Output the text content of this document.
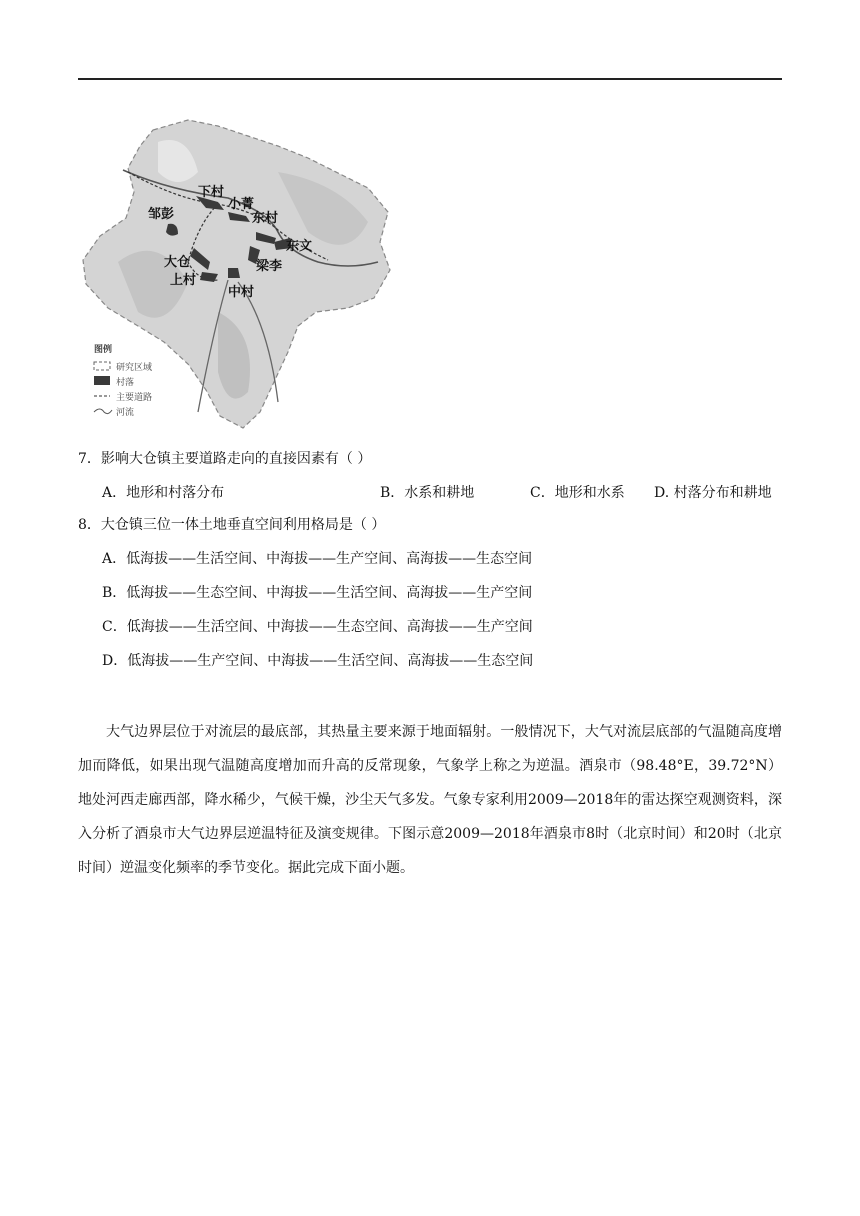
下村
小菁
东村
邹彭
东文
大仓	梁李
上村
中村
图例
研究区域
村落
主要道路
河流
7．影响大仓镇主要道路走向的直接因素有（ ）
A．地形和村落分布	B．水系和耕地	C．地形和水系 D. 村落分布和耕地
8．大仓镇三位一体土地垂直空间利用格局是（ ）
A．低海拔——生活空间、中海拔——生产空间、高海拔——生态空间
B．低海拔——生态空间、中海拔——生活空间、高海拔——生产空间
C．低海拔——生活空间、中海拔——生态空间、高海拔——生产空间
D．低海拔——生产空间、中海拔——生活空间、高海拔——生态空间
大气边界层位于对流层的最底部，其热量主要来源于地面辐射。一般情况下，大气对流层底部的气温随高度增加而降低，如果出现气温随高度增加而升高的反常现象，气象学上称之为逆温。酒泉市（98.48°E，39.72°N）地处河西走廊西部，降水稀少，气候干燥，沙尘天气多发。气象专家利用2009—2018年的雷达探空观测资料，深入分析了酒泉市大气边界层逆温特征及演变规律。下图示意2009—2018年酒泉市8时（北京时间）和20时（北京时间）逆温变化频率的季节变化。据此完成下面小题。
